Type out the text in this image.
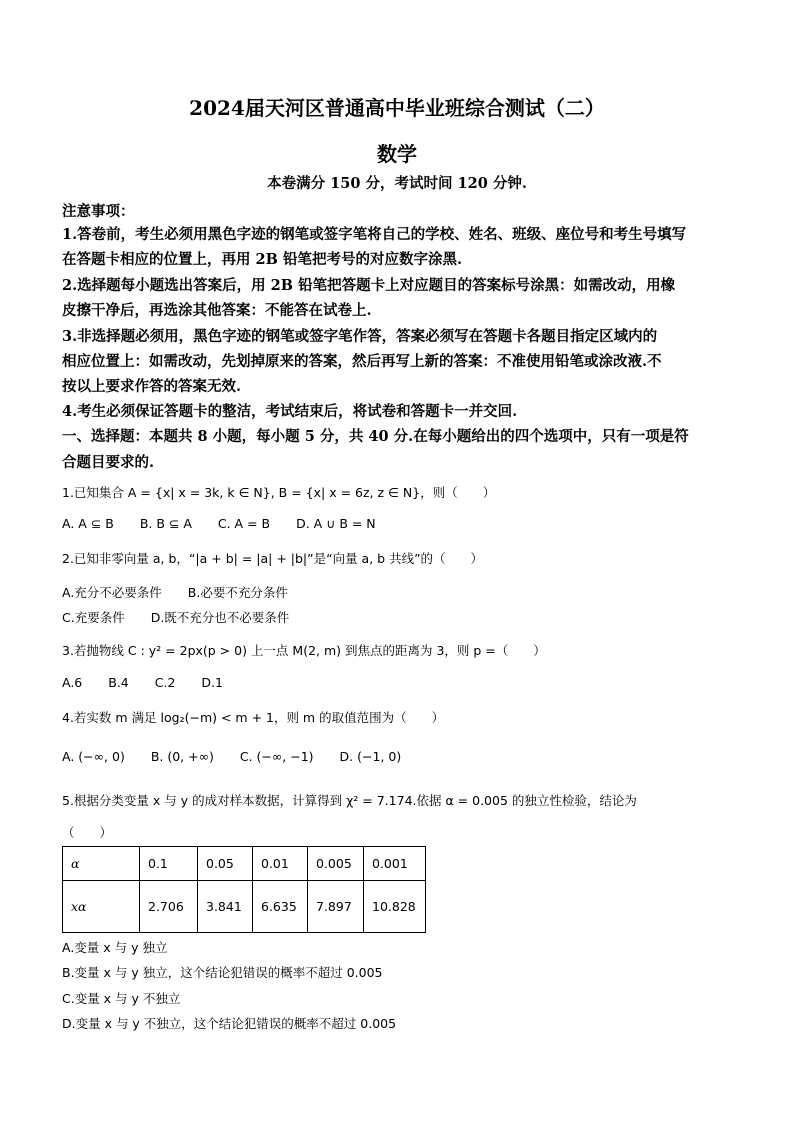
2024届天河区普通高中毕业班综合测试（二）
数学
本卷满分 150 分，考试时间 120 分钟.
注意事项：
1.答卷前，考生必须用黑色字迹的钢笔或签字笔将自己的学校、姓名、班级、座位号和考生号填写
在答题卡相应的位置上，再用 2B 铅笔把考号的对应数字涂黑.
2.选择题每小题选出答案后，用 2B 铅笔把答题卡上对应题目的答案标号涂黑：如需改动，用橡
皮擦干净后，再选涂其他答案：不能答在试卷上.
3.非选择题必须用，黑色字迹的钢笔或签字笔作答，答案必须写在答题卡各题目指定区域内的
相应位置上：如需改动，先划掉原来的答案，然后再写上新的答案：不准使用铅笔或涂改液.不
按以上要求作答的答案无效.
4.考生必须保证答题卡的整洁，考试结束后，将试卷和答题卡一并交回.
一、选择题：本题共 8 小题，每小题 5 分，共 40 分.在每小题给出的四个选项中，只有一项是符
合题目要求的.
1.已知集合 A = {x| x = 3k, k ∈ N}, B = {x| x = 6z, z ∈ N}，则（　　）
A. A ⊆ B B. B ⊆ A C. A = B D. A ∪ B = N
2.已知非零向量 a, b，“|a + b| = |a| + |b|”是“向量 a, b 共线”的（　　）
A.充分不必要条件 B.必要不充分条件
C.充要条件 D.既不充分也不必要条件
3.若抛物线 C : y² = 2px(p > 0) 上一点 M(2, m) 到焦点的距离为 3，则 p =（　　）
A.6 B.4 C.2 D.1
4.若实数 m 满足 log₂(−m) < m + 1，则 m 的取值范围为（　　）
A. (−∞, 0) B. (0, +∞) C. (−∞, −1) D. (−1, 0)
5.根据分类变量 x 与 y 的成对样本数据，计算得到 χ² = 7.174.依据 α = 0.005 的独立性检验，结论为
（　　）
α	0.1	0.05	0.01	0.005	0.001
xα	2.706	3.841	6.635	7.897	10.828
A.变量 x 与 y 独立
B.变量 x 与 y 独立，这个结论犯错误的概率不超过 0.005
C.变量 x 与 y 不独立
D.变量 x 与 y 不独立，这个结论犯错误的概率不超过 0.005
